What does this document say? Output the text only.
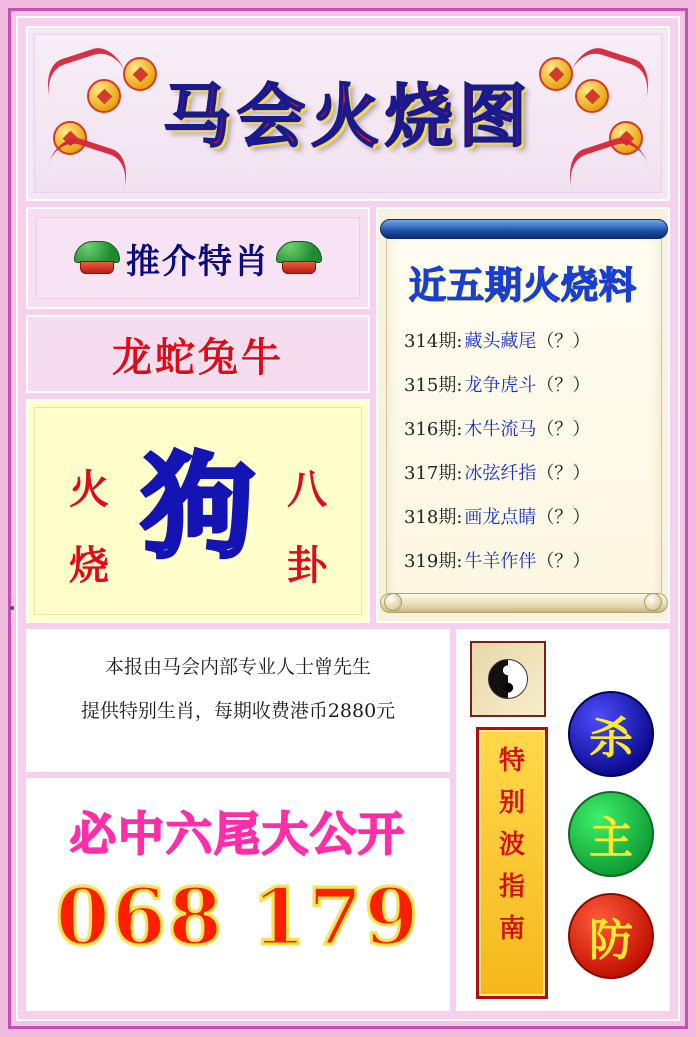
马会火烧图
推介特肖
龙蛇兔牛
火
烧
八
卦
狗
近五期火烧料
314期: 藏头藏尾（？）
315期: 龙争虎斗（？）
316期: 木牛流马（？）
317期: 冰弦纤指（？）
318期: 画龙点睛（？）
319期: 牛羊作伴（？）
本报由马会内部专业人士曾先生
提供特别生肖，每期收费港币2880元
必中六尾大公开
068 179
特
别
波
指
南
杀
主
防
